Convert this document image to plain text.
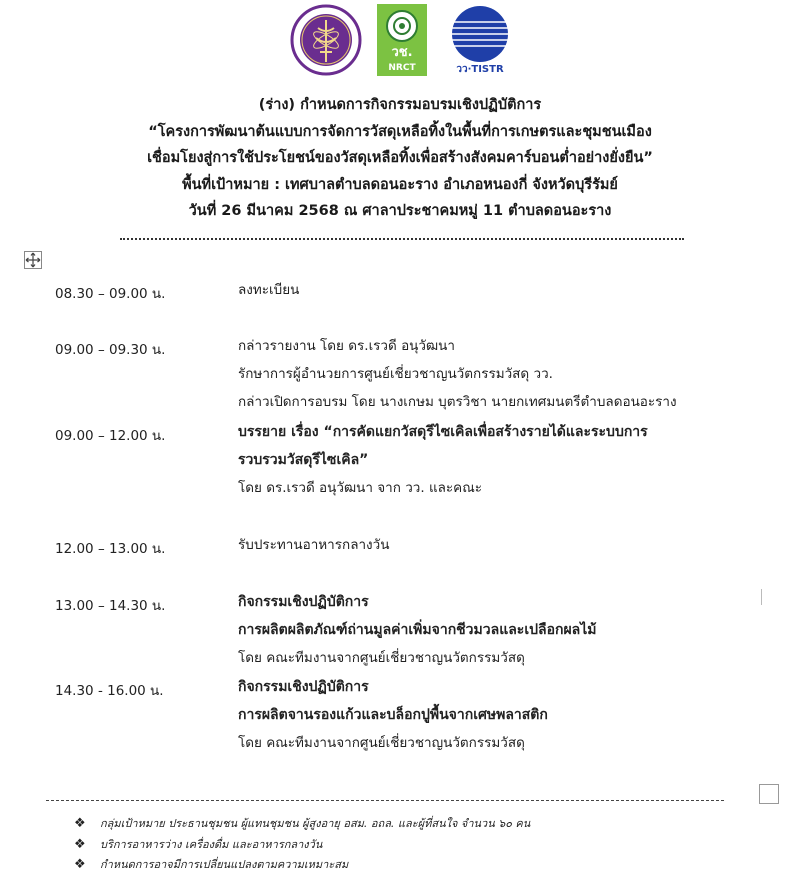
วช.
NRCT	วว·TISTR
(ร่าง) กำหนดการกิจกรรมอบรมเชิงปฏิบัติการ
“โครงการพัฒนาต้นแบบการจัดการวัสดุเหลือทิ้งในพื้นที่การเกษตรและชุมชนเมือง
เชื่อมโยงสู่การใช้ประโยชน์ของวัสดุเหลือทิ้งเพื่อสร้างสังคมคาร์บอนต่ำอย่างยั่งยืน”
พื้นที่เป้าหมาย : เทศบาลตำบลดอนอะราง อำเภอหนองกี่ จังหวัดบุรีรัมย์
วันที่ 26 มีนาคม 2568 ณ ศาลาประชาคมหมู่ 11 ตำบลดอนอะราง
08.30 – 09.00 น.	ลงทะเบียน
09.00 – 09.30 น.	กล่าวรายงาน โดย ดร.เรวดี อนุวัฒนา
รักษาการผู้อำนวยการศูนย์เชี่ยวชาญนวัตกรรมวัสดุ วว.
กล่าวเปิดการอบรม โดย นางเกษม บุตรวิชา นายกเทศมนตรีตำบลดอนอะราง
09.00 – 12.00 น.	บรรยาย เรื่อง “การคัดแยกวัสดุรีไซเคิลเพื่อสร้างรายได้และระบบการ
รวบรวมวัสดุรีไซเคิล”
โดย ดร.เรวดี อนุวัฒนา จาก วว. และคณะ
12.00 – 13.00 น.	รับประทานอาหารกลางวัน
13.00 – 14.30 น.	กิจกรรมเชิงปฏิบัติการ
การผลิตผลิตภัณฑ์ถ่านมูลค่าเพิ่มจากชีวมวลและเปลือกผลไม้
โดย คณะทีมงานจากศูนย์เชี่ยวชาญนวัตกรรมวัสดุ
14.30 - 16.00 น.	กิจกรรมเชิงปฏิบัติการ
การผลิตจานรองแก้วและบล็อกปูพื้นจากเศษพลาสติก
โดย คณะทีมงานจากศูนย์เชี่ยวชาญนวัตกรรมวัสดุ
❖	กลุ่มเป้าหมาย ประธานชุมชน ผู้แทนชุมชน ผู้สูงอายุ อสม. อถล. และผู้ที่สนใจ จำนวน ๖๐ คน
❖	บริการอาหารว่าง เครื่องดื่ม และอาหารกลางวัน
❖	กำหนดการอาจมีการเปลี่ยนแปลงตามความเหมาะสม
